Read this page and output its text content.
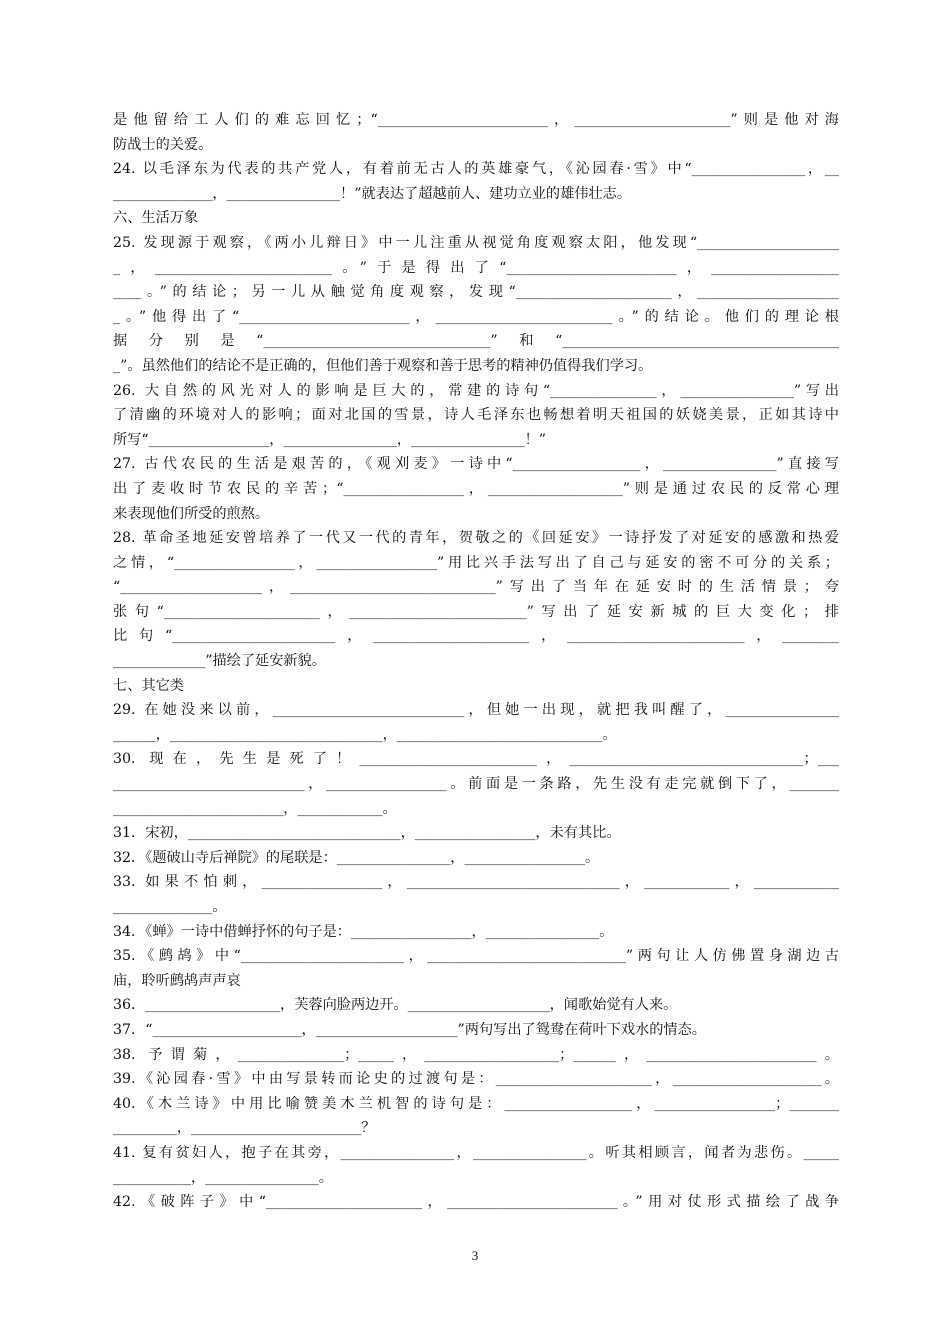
是他留给工人们的难忘回忆；“________________________，______________________”则是他对海
防战士的关爱。
24. 以毛泽东为代表的共产党人，有着前无古人的英雄豪气，《沁园春·雪》中“________________，__
______________，________________！”就表达了超越前人、建功立业的雄伟壮志。
六、生活万象
25. 发现源于观察，《两小儿辩日》中一儿注重从视觉角度观察太阳，他发现“____________________
_，_________________________。”于是得出了“________________________，__________________
____。”的结论；另一儿从触觉角度观察，发现“______________________，____________________
_。”他得出了“________________________，_________________________。”的结论。他们的理论根
据分别是“________________________________”和“_______________________________________
_”。虽然他们的结论不是正确的，但他们善于观察和善于思考的精神仍值得我们学习。
26. 大自然的风光对人的影响是巨大的，常建的诗句“_______________，________________”写出
了清幽的环境对人的影响；面对北国的雪景，诗人毛泽东也畅想着明天祖国的妖娆美景，正如其诗中
所写“_________________，________________，________________！”
27. 古代农民的生活是艰苦的，《观刈麦》一诗中“__________________，________________”直接写
出了麦收时节农民的辛苦；“_________________，___________________”则是通过农民的反常心理
来表现他们所受的煎熬。
28. 革命圣地延安曾培养了一代又一代的青年，贺敬之的《回延安》一诗抒发了对延安的感激和热爱
之情，“_________________，_________________”用比兴手法写出了自己与延安的密不可分的关系；
“____________________，_____________________________”写出了当年在延安时的生活情景；夸
张句“______________________，_________________________”写出了延安新城的巨大变化；排
比句“_______________________，______________________，_________________________，________
_____________”描绘了延安新貌。
七、其它类
29. 在她没来以前，___________________________，但她一出现，就把我叫醒了，________________
______，______________________________，_____________________________。
30. 现在，先生是死了！_________________________，_________________________________；___
___________________________，_________________。前面是一条路，先生没有走完就倒下了，_______
________________________，____________。
31．宋初，______________________________，_________________，未有其比。
32．《题破山寺后禅院》的尾联是：________________，_________________。
33. 如果不怕刺，_________________，______________________________，____________，____________
______________。
34．《蝉》一诗中借蝉抒怀的句子是：_________________，________________。
35.《鹧鸪》中“_______________________，____________________________”两句让人仿佛置身湖边古
庙，聆听鹧鸪声声哀
36．___________________，芙蓉向脸两边开。____________________，闻歌始觉有人来。
37．“_____________________，____________________”两句写出了鸳鸯在荷叶下戏水的情态。
38. 予谓菊，_______________；_____，___________________；______，________________________。
39.《沁园春·雪》中由写景转而论史的过渡句是：______________________，_____________________。
40.《木兰诗》中用比喻赞美木兰机智的诗句是：__________________，_________________；_______
_________，________________________？
41. 复有贫妇人，抱子在其旁，________________，________________。听其相顾言，闻者为悲伤。_____
___________，________________。
42.《破阵子》中“______________________，________________________。”用对仗形式描绘了战争
3
